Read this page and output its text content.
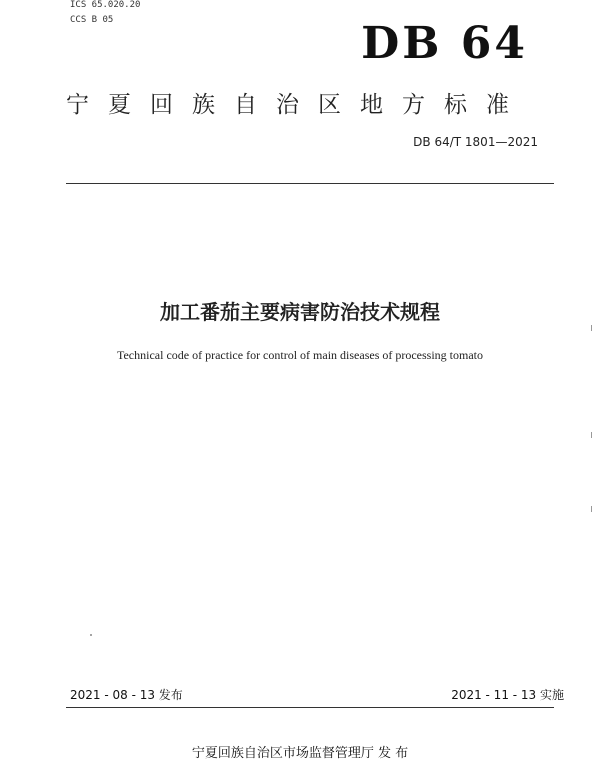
ICS 65.020.20
CCS B 05	DB 64
宁夏回族自治区地方标准
DB 64/T 1801—2021
加工番茄主要病害防治技术规程
Technical code of practice for control of main diseases of processing tomato
2021 - 08 - 13 发布	2021 - 11 - 13 实施
宁夏回族自治区市场监督管理厅 发 布
